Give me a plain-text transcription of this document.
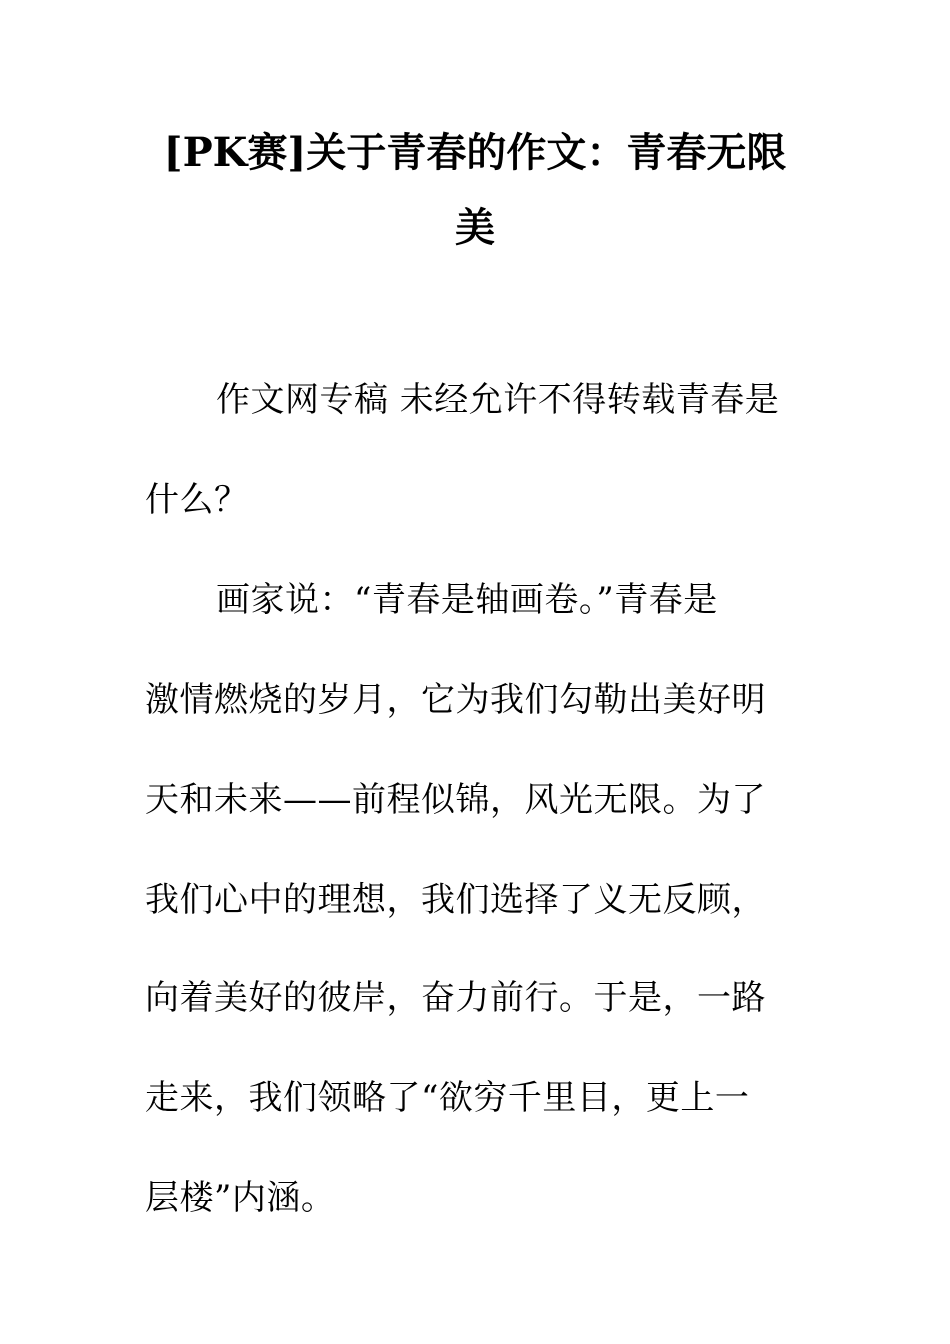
[PK赛]关于青春的作文：青春无限
美
作文网专稿 未经允许不得转载青春是
什么？
画家说：“青春是轴画卷。”青春是
激情燃烧的岁月，它为我们勾勒出美好明
天和未来——前程似锦，风光无限。为了
我们心中的理想，我们选择了义无反顾，
向着美好的彼岸，奋力前行。于是，一路
走来，我们领略了“欲穷千里目，更上一
层楼”内涵。
